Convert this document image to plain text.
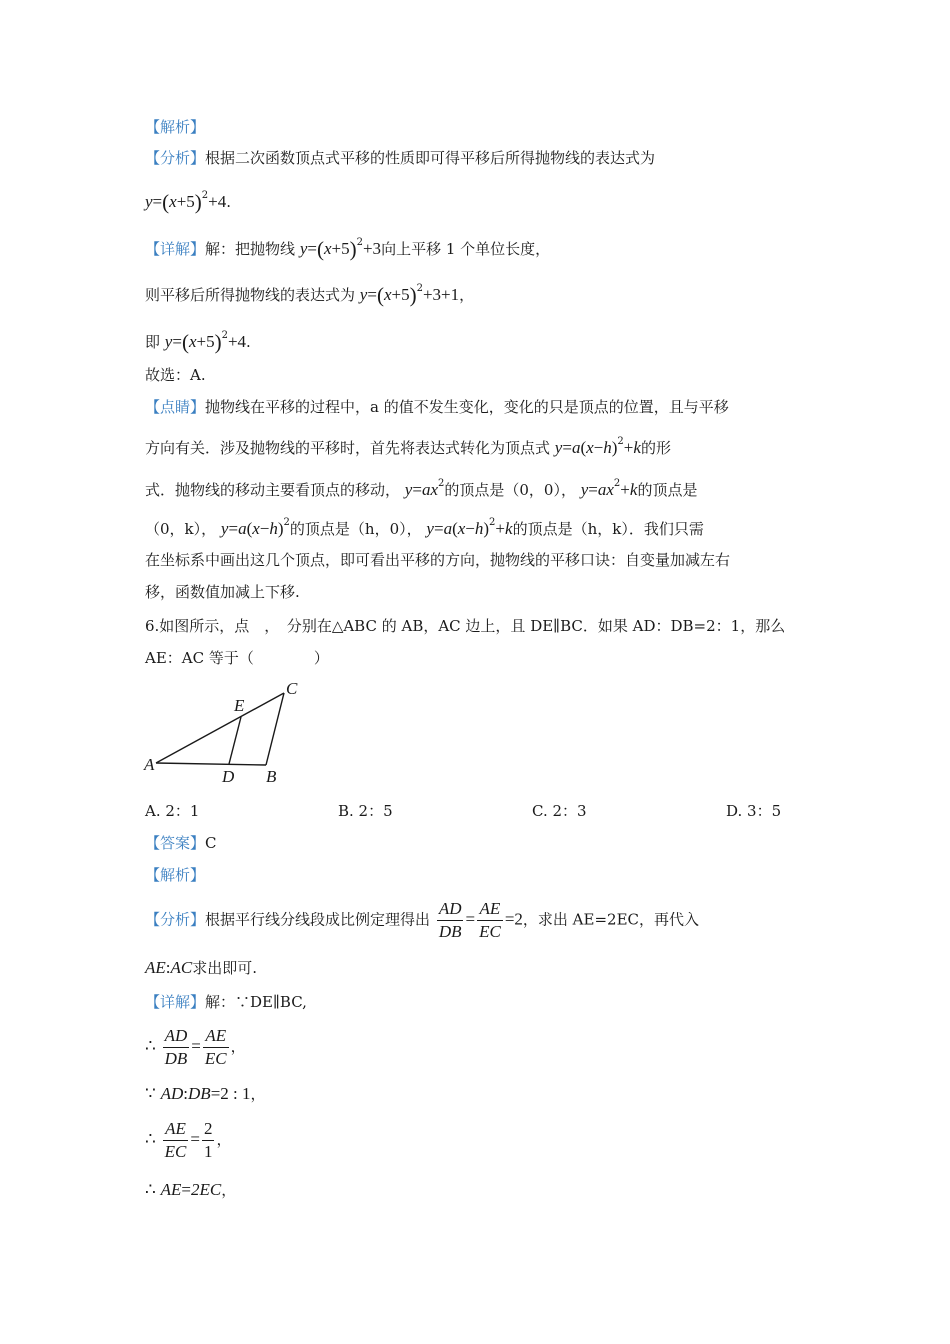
【解析】
【分析】根据二次函数顶点式平移的性质即可得平移后所得抛物线的表达式为
$y=(x+5)^2+4$.
【详解】解：把抛物线 $y=(x+5)^2+3$向上平移 1 个单位长度，
则平移后所得抛物线的表达式为 $y=(x+5)^2+3+1$，
即 $y=(x+5)^2+4$.
故选：A.
【点睛】抛物线在平移的过程中，a 的值不发生变化，变化的只是顶点的位置，且与平移
方向有关．涉及抛物线的平移时，首先将表达式转化为顶点式 $y=a(x-h)^2+k$的形
式．抛物线的移动主要看顶点的移动， $y=ax^2$的顶点是（0，0）， $y=ax^2+k$的顶点是
（0，k）， $y=a(x-h)^2$的顶点是（h，0）， $y=a(x-h)^2+k$的顶点是（h，k）．我们只需
在坐标系中画出这几个顶点，即可看出平移的方向，抛物线的平移口诀：自变量加减左右
移，函数值加减上下移.
6.如图所示，点　，　分别在△ABC 的 AB，AC 边上，且 DE∥BC．如果 AD：DB=2：1，那么
AE：AC 等于（　　　　）
A
B
C
D
E
A. 2：1	B. 2：5	C. 2：3	D. 3：5
【答案】C
【解析】
【分析】根据平行线分线段成比例定理得出 $\frac{AD}{DB} = \frac{AE}{EC} =2$，求出 AE=2EC，再代入
AE:AC求出即可.
【详解】解：∵DE∥BC,
∴ $\frac{AD}{DB} = \frac{AE}{EC}$ ，
∵ AD:DB=2 : 1，
∴ $\frac{AE}{EC} = \frac{2}{1}$ ，
∴ AE=2EC，
